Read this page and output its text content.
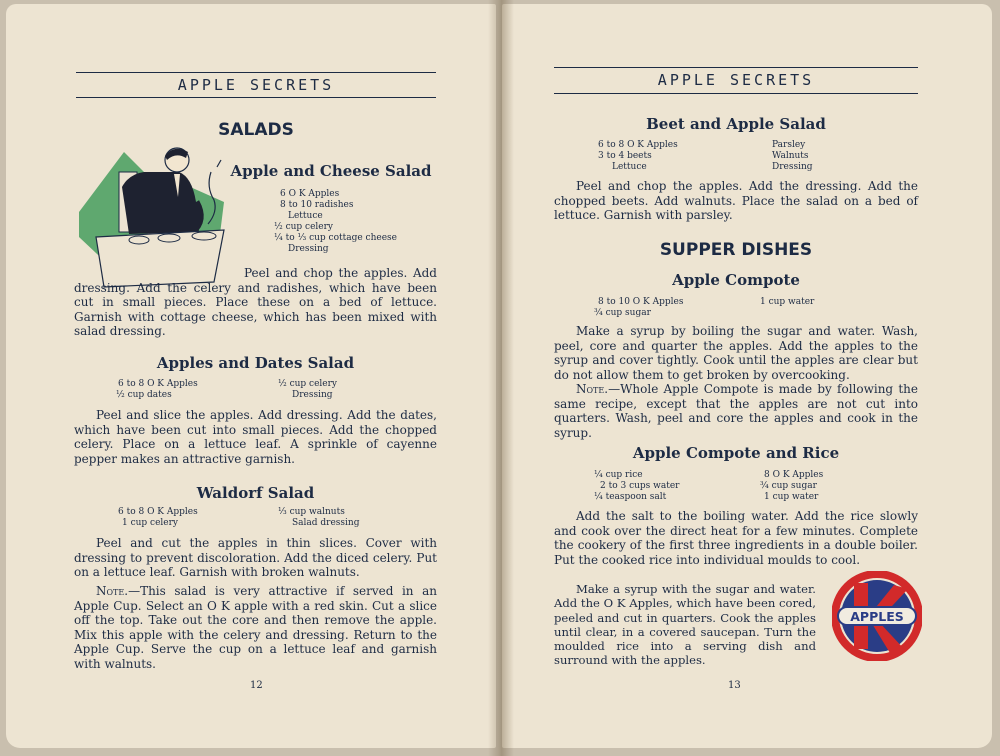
APPLE SECRETS
SALADS
Apple and Cheese Salad
6 O K Apples
8 to 10 radishes
Lettuce
½ cup celery
¼ to ⅓ cup cottage cheese
Dressing

Peel and chop the apples. Add dressing. Add the celery and radishes, which have been cut in small pieces. Place these on a bed of lettuce. Garnish with cottage cheese, which has been mixed with salad dressing.

Apples and Dates Salad
6 to 8 O K Apples
½ cup dates
½ cup celery
Dressing

Peel and slice the apples. Add dressing. Add the dates, which have been cut into small pieces. Add the chopped celery. Place on a lettuce leaf. A sprinkle of cayenne pepper makes an attractive garnish.

Waldorf Salad
6 to 8 O K Apples
1 cup celery
⅓ cup walnuts
Salad dressing

Peel and cut the apples in thin slices. Cover with dressing to prevent discoloration. Add the diced celery. Put on a lettuce leaf. Garnish with broken walnuts.

Note.—This salad is very attractive if served in an Apple Cup. Select an O K apple with a red skin. Cut a slice off the top. Take out the core and then remove the apple. Mix this apple with the celery and dressing. Return to the Apple Cup. Serve the cup on a lettuce leaf and garnish with walnuts.

12
APPLE SECRETS
Beet and Apple Salad
6 to 8 O K Apples
3 to 4 beets
Lettuce
Parsley
Walnuts
Dressing

Peel and chop the apples. Add the dressing. Add the chopped beets. Add walnuts. Place the salad on a bed of lettuce. Garnish with parsley.

SUPPER DISHES
Apple Compote
8 to 10 O K Apples
¾ cup sugar
1 cup water

Make a syrup by boiling the sugar and water. Wash, peel, core and quarter the apples. Add the apples to the syrup and cover tightly. Cook until the apples are clear but do not allow them to get broken by overcooking.

Note.—Whole Apple Compote is made by following the same recipe, except that the apples are not cut into quarters. Wash, peel and core the apples and cook in the syrup.

Apple Compote and Rice
¼ cup rice
2 to 3 cups water
¼ teaspoon salt
8 O K Apples
¾ cup sugar
1 cup water

Add the salt to the boiling water. Add the rice slowly and cook over the direct heat for a few minutes. Complete the cookery of the first three ingredients in a double boiler. Put the cooked rice into individual moulds to cool.

Make a syrup with the sugar and water. Add the O K Apples, which have been cored, peeled and cut in quarters. Cook the apples until clear, in a covered saucepan. Turn the moulded rice into a serving dish and surround with the apples.

APPLES
13
